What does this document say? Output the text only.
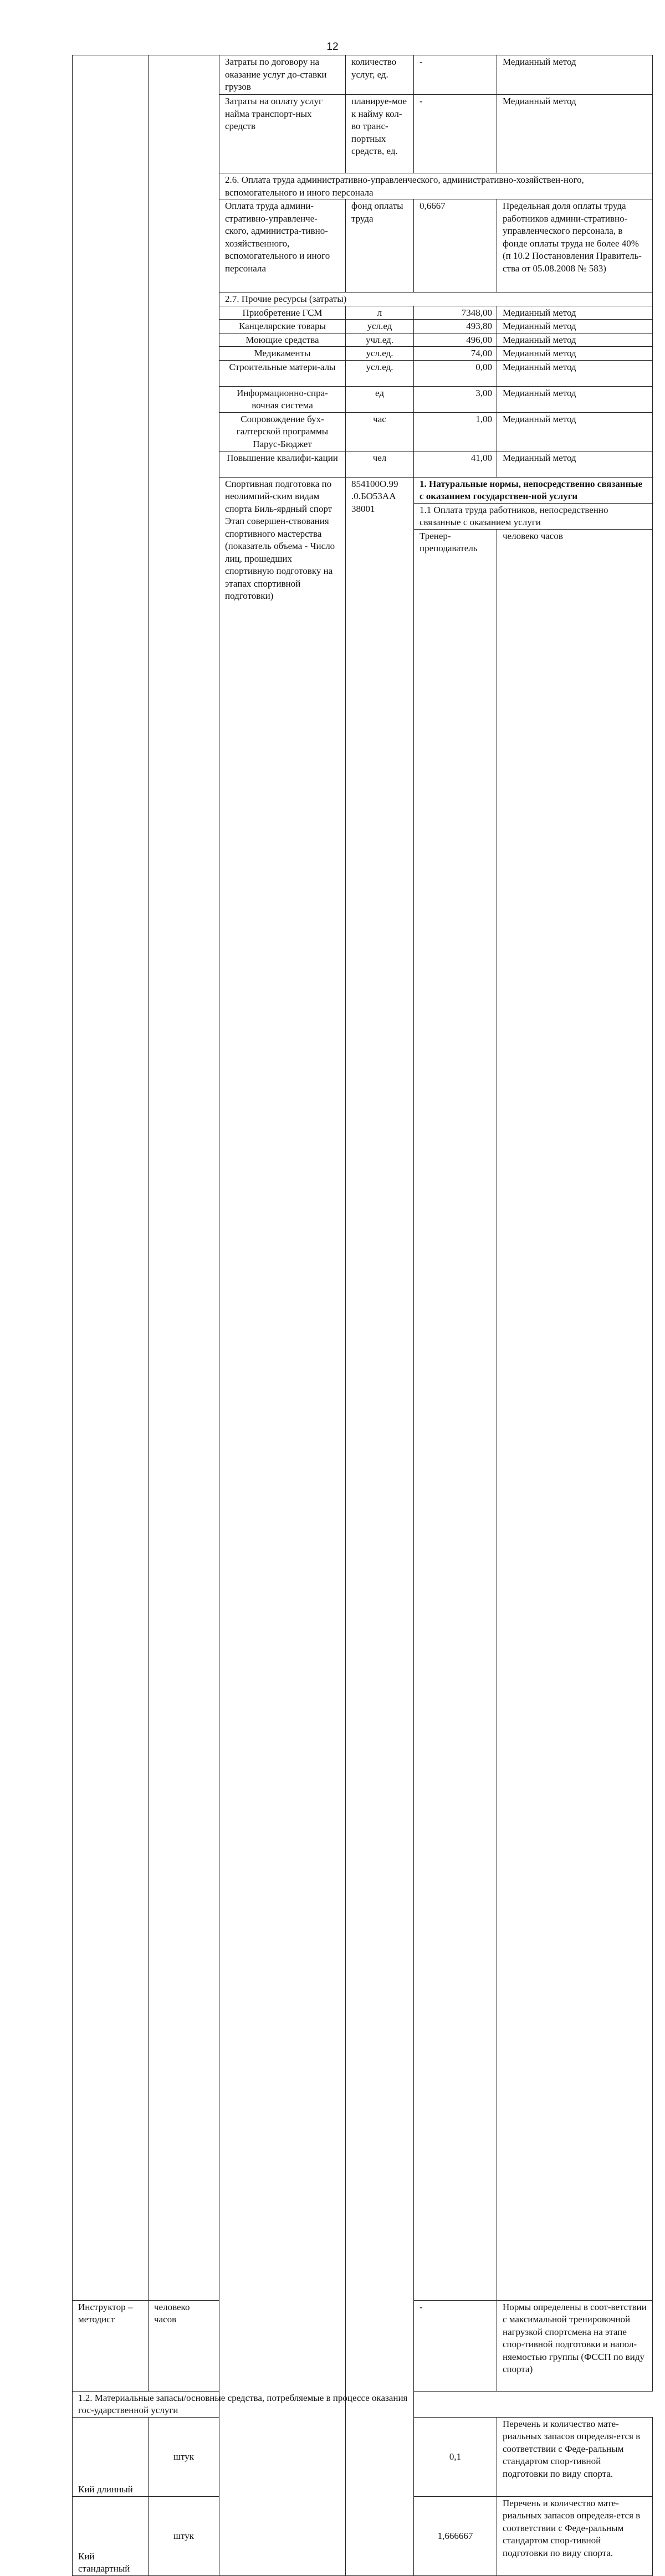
12
		Затраты по договору на оказание услуг до-ставки грузов	количество услуг, ед.	-	Медианный метод	
		Затраты на оплату услуг найма транспорт-ных средств	планируе-мое к найму кол-во транс-портных средств, ед.	-	Медианный метод	
		2.6. Оплата труда административно-управленческого, административно-хозяйствен-ного, вспомогательного и иного персонала				
		Оплата труда админи-стративно-управленче-ского, администра-тивно-хозяйственного, вспомогательного и иного персонала	фонд оплаты труда	0,6667	Предельная доля оплаты труда работников админи-стративно-управленческого персонала, в фонде оплаты труда не более 40% (п 10.2 Постановления Правитель-ства от 05.08.2008 № 583)	
		2.7. Прочие ресурсы (затраты)				
		Приобретение ГСМ	л	7348,00	Медианный метод	
		Канцелярские товары	усл.ед	493,80	Медианный метод	
		Моющие средства	учл.ед.	496,00	Медианный метод	
		Медикаменты	усл.ед.	74,00	Медианный метод	
		Строительные матери-алы	усл.ед.	0,00	Медианный метод	
		Информационно-спра-вочная система	ед	3,00	Медианный метод	
		Сопровождение бух-галтерской программы Парус-Бюджет	час	1,00	Медианный метод	
		Повышение квалифи-кации	чел	41,00	Медианный метод	
		Спортивная подготовка по неолимпий-ским видам спорта Биль-ярдный спорт Этап совершен-ствования спортивного мастерства (показатель объема - Число лиц, прошедших спортивную подготовку на этапах спортивной подготовки)	854100О.99 .0.БО53АА 38001	1. Натуральные нормы, непосредственно связанные с оказанием государствен-ной услуги		
				1.1 Оплата труда работников, непосредственно связанные с оказанием услуги		
				Тренер-преподаватель	человеко часов		
Инструктор – методист	человеко часов			-	Нормы определены в соот-ветствии с максимальной тренировочной нагрузкой спортсмена на этапе спор-тивной подготовки и напол-няемостью группы (ФССП по виду спорта)	
1.2. Материальные запасы/основные средства, потребляемые в процессе оказания гос-ударственной услуги						
Кий длинный	штук			0,1	Перечень и количество мате-риальных запасов определя-ется в соответствии с Феде-ральным стандартом спор-тивной подготовки по виду спорта.	
Кий стандартный	штук			1,666667	Перечень и количество мате-риальных запасов определя-ется в соответствии с Феде-ральным стандартом спор-тивной подготовки по виду спорта.	
